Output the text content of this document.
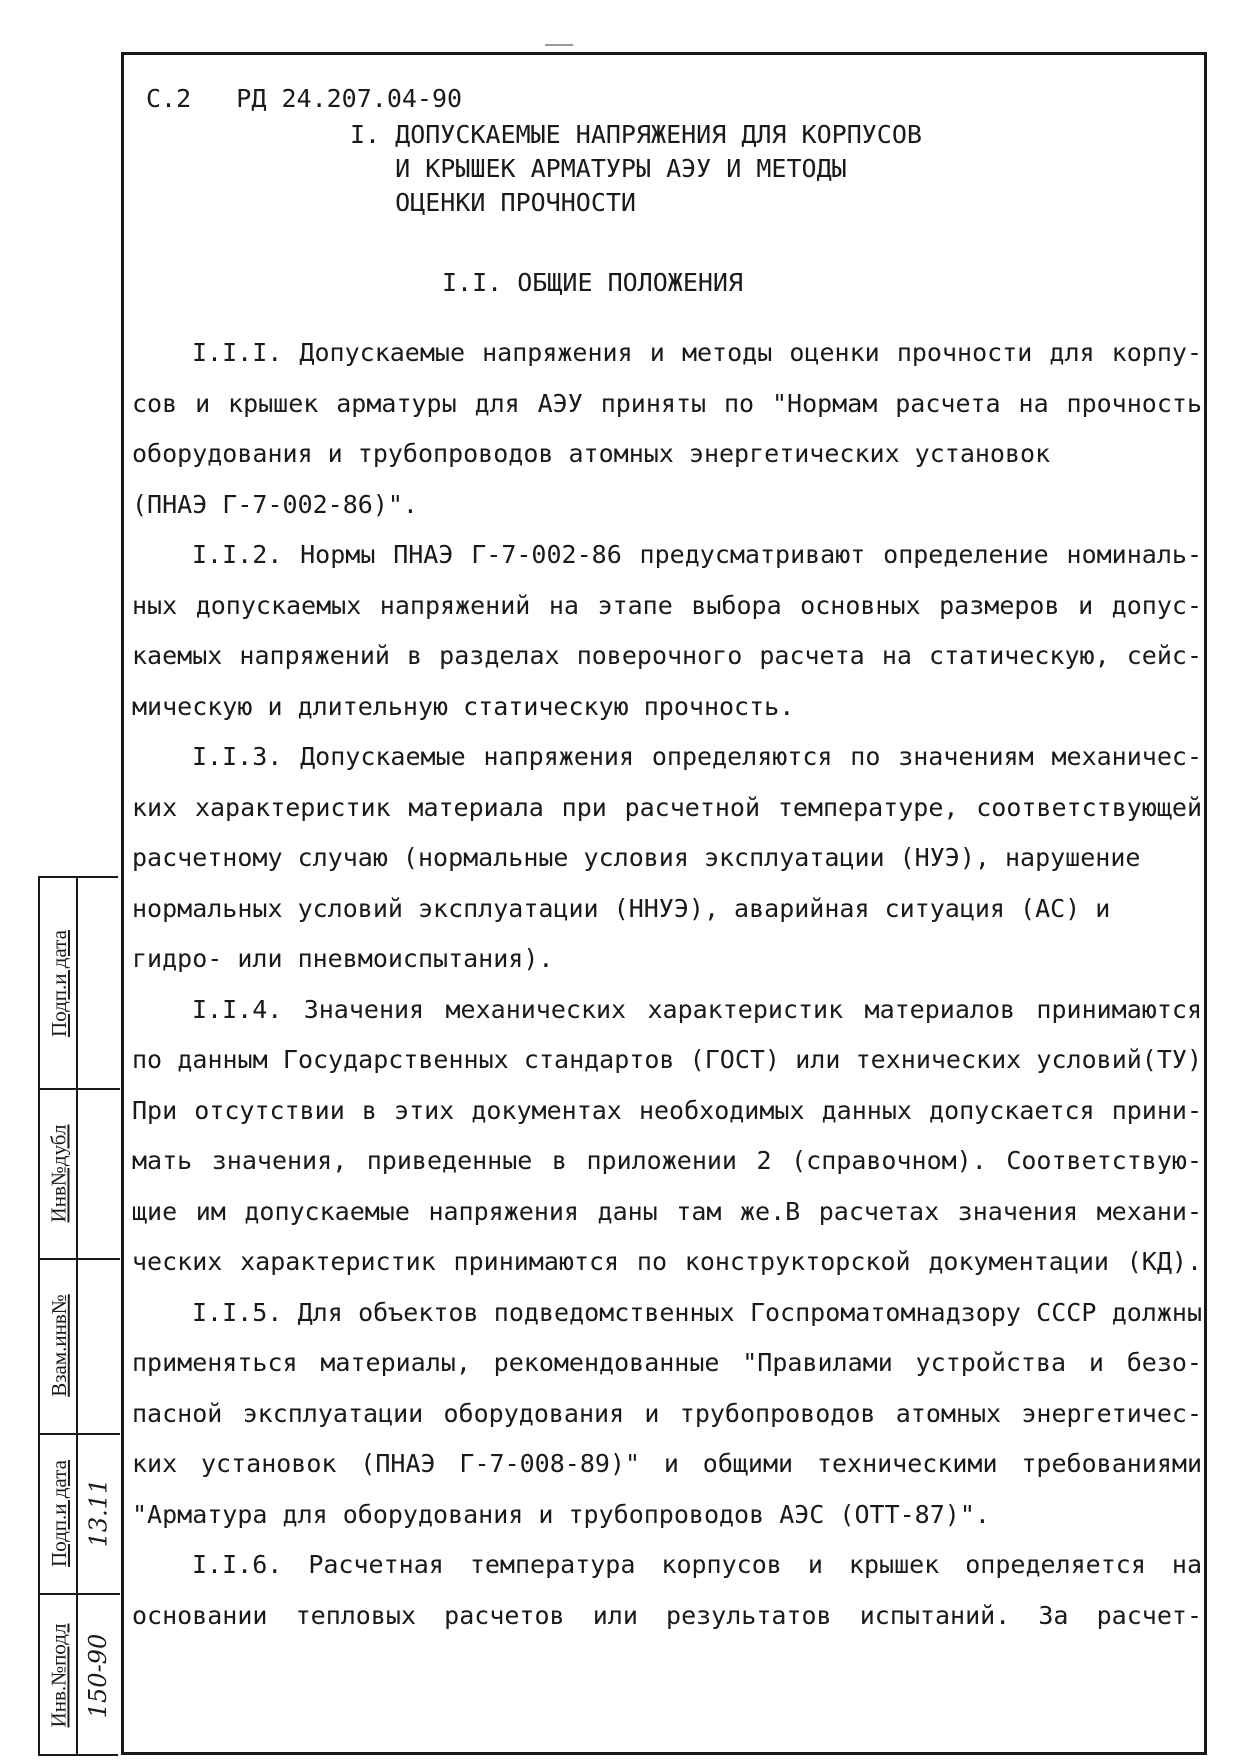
С.2   РД 24.207.04-90
I. ДОПУСКАЕМЫЕ НАПРЯЖЕНИЯ ДЛЯ КОРПУСОВ
И КРЫШЕК АРМАТУРЫ АЭУ И МЕТОДЫ
ОЦЕНКИ ПРОЧНОСТИ
I.I. ОБЩИЕ ПОЛОЖЕНИЯ
I.I.I. Допускаемые напряжения и методы оценки прочности для корпу-
сов и крышек арматуры для АЭУ приняты по "Нормам расчета на прочность
оборудования и трубопроводов атомных энергетических установок
(ПНАЭ Г-7-002-86)".
I.I.2. Нормы ПНАЭ Г-7-002-86 предусматривают определение номиналь-
ных допускаемых напряжений на этапе выбора основных размеров и допус-
каемых напряжений в разделах поверочного расчета на статическую, сейс-
мическую и длительную статическую прочность.
I.I.3. Допускаемые напряжения определяются по значениям механичес-
ких характеристик материала при расчетной температуре, соответствующей
расчетному случаю (нормальные условия эксплуатации (НУЭ), нарушение
нормальных условий эксплуатации (ННУЭ), аварийная ситуация (АС) и
гидро- или пневмоиспытания).
I.I.4. Значения механических характеристик материалов принимаются
по данным Государственных стандартов (ГОСТ) или технических условий(ТУ)
При отсутствии в этих документах необходимых данных допускается прини-
мать значения, приведенные в приложении 2 (справочном). Соответствую-
щие им допускаемые напряжения даны там же.В расчетах значения механи-
ческих характеристик принимаются по конструкторской документации (КД).
I.I.5. Для объектов подведомственных Госпроматомнадзору СССР должны
применяться материалы, рекомендованные "Правилами устройства и безо-
пасной эксплуатации оборудования и трубопроводов атомных энергетичес-
ких установок (ПНАЭ Г-7-008-89)" и общими техническими требованиями
"Арматура для оборудования и трубопроводов АЭС (ОТТ-87)".
I.I.6. Расчетная температура корпусов и крышек определяется на
основании тепловых расчетов или результатов испытаний. За расчет-
Подп.и дата
Инв№дубл
Взам.инв№
Подп.и дата 13.11
Инв.№подл 150-90
